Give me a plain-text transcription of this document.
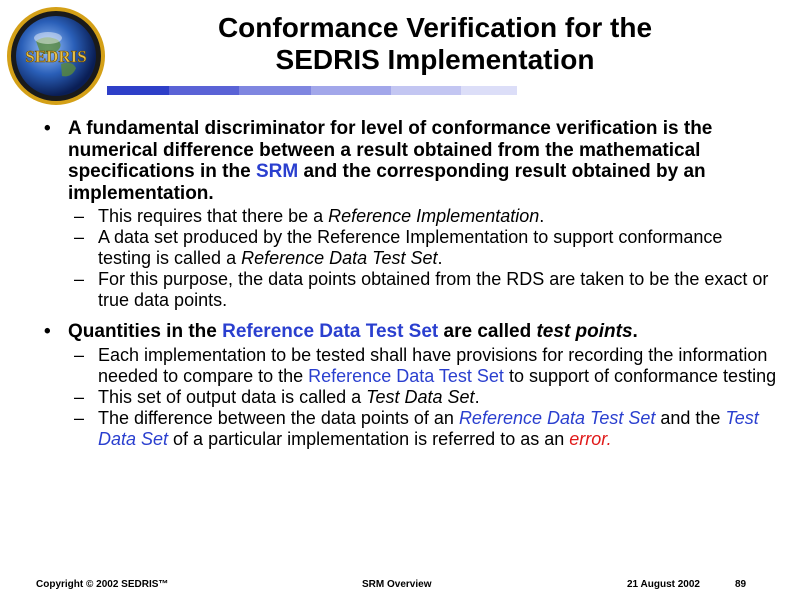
SEDRIS
Conformance Verification for the
SEDRIS Implementation
• A fundamental discriminator for level of conformance verification is the numerical difference between a result obtained from the mathematical specifications in the SRM and the corresponding result obtained by an implementation.
– This requires that there be a Reference Implementation.
– A data set produced by the Reference Implementation to support conformance testing is called a Reference Data Test Set.
– For this purpose, the data points obtained from the RDS are taken to be the exact or true data points.
• Quantities in the Reference Data Test Set are called test points.
– Each implementation to be tested shall have provisions for recording the information needed to compare to the Reference Data Test Set to support of conformance testing
– This set of output data is called a Test Data Set.
– The difference between the data points of an Reference Data Test Set and the Test Data Set of a particular implementation is referred to as an error.
Copyright © 2002 SEDRIS™	SRM Overview	21 August 2002	89
